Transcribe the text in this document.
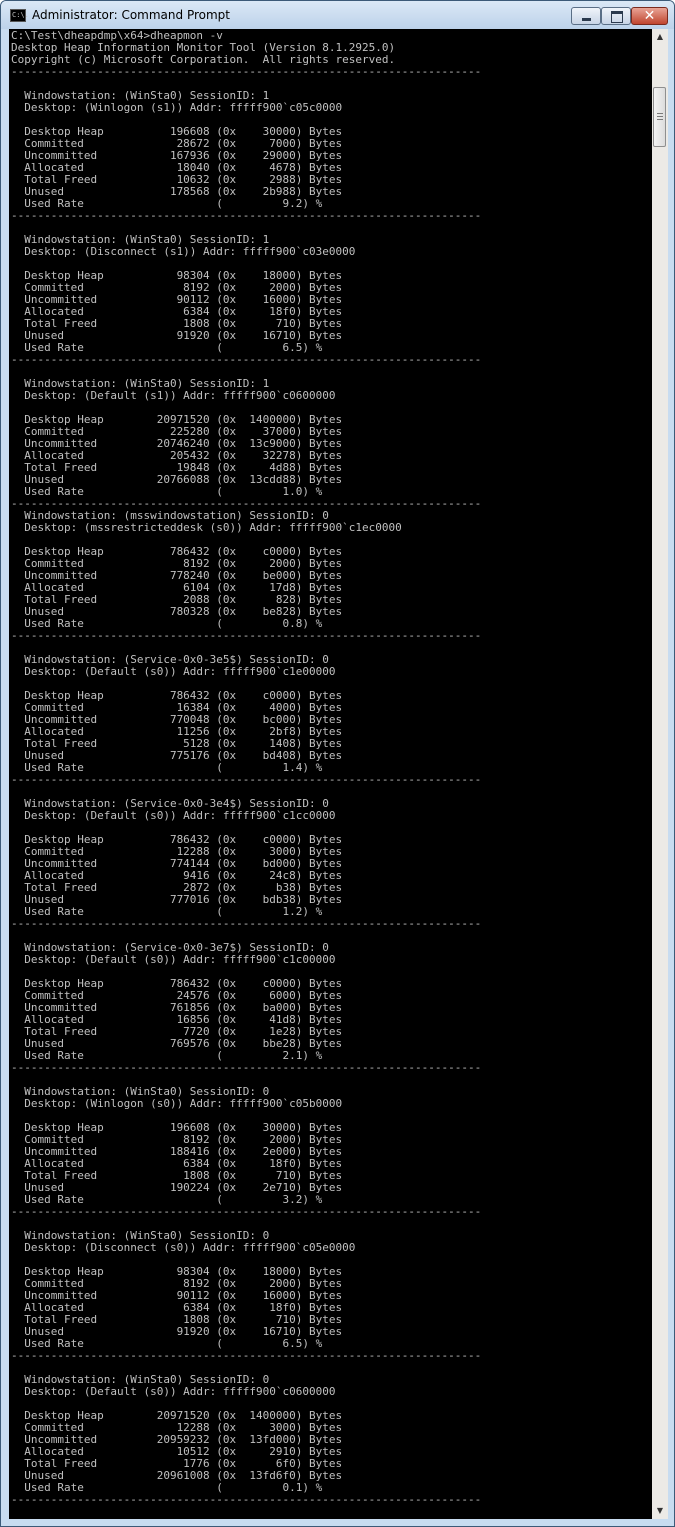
C:\. Administrator: Command Prompt	✕
C:\Test\dheapdmp\x64>dheapmon -v
Desktop Heap Information Monitor Tool (Version 8.1.2925.0)
Copyright (c) Microsoft Corporation.  All rights reserved.
-----------------------------------------------------------------------

Windowstation: (WinSta0) SessionID: 1
Desktop: (Winlogon (s1)) Addr: fffff900`c05c0000

Desktop Heap          196608 (0x    30000) Bytes
Committed              28672 (0x     7000) Bytes
Uncommitted           167936 (0x    29000) Bytes
Allocated              18040 (0x     4678) Bytes
Total Freed            10632 (0x     2988) Bytes
Unused                178568 (0x    2b988) Bytes
Used Rate                    (         9.2) %
-----------------------------------------------------------------------

Windowstation: (WinSta0) SessionID: 1
Desktop: (Disconnect (s1)) Addr: fffff900`c03e0000

Desktop Heap           98304 (0x    18000) Bytes
Committed               8192 (0x     2000) Bytes
Uncommitted            90112 (0x    16000) Bytes
Allocated               6384 (0x     18f0) Bytes
Total Freed             1808 (0x      710) Bytes
Unused                 91920 (0x    16710) Bytes
Used Rate                    (         6.5) %
-----------------------------------------------------------------------

Windowstation: (WinSta0) SessionID: 1
Desktop: (Default (s1)) Addr: fffff900`c0600000

Desktop Heap        20971520 (0x  1400000) Bytes
Committed             225280 (0x    37000) Bytes
Uncommitted         20746240 (0x  13c9000) Bytes
Allocated             205432 (0x    32278) Bytes
Total Freed            19848 (0x     4d88) Bytes
Unused              20766088 (0x  13cdd88) Bytes
Used Rate                    (         1.0) %
-----------------------------------------------------------------------
Windowstation: (msswindowstation) SessionID: 0
Desktop: (mssrestricteddesk (s0)) Addr: fffff900`c1ec0000

Desktop Heap          786432 (0x    c0000) Bytes
Committed               8192 (0x     2000) Bytes
Uncommitted           778240 (0x    be000) Bytes
Allocated               6104 (0x     17d8) Bytes
Total Freed             2088 (0x      828) Bytes
Unused                780328 (0x    be828) Bytes
Used Rate                    (         0.8) %
-----------------------------------------------------------------------

Windowstation: (Service-0x0-3e5$) SessionID: 0
Desktop: (Default (s0)) Addr: fffff900`c1e00000

Desktop Heap          786432 (0x    c0000) Bytes
Committed              16384 (0x     4000) Bytes
Uncommitted           770048 (0x    bc000) Bytes
Allocated              11256 (0x     2bf8) Bytes
Total Freed             5128 (0x     1408) Bytes
Unused                775176 (0x    bd408) Bytes
Used Rate                    (         1.4) %
-----------------------------------------------------------------------

Windowstation: (Service-0x0-3e4$) SessionID: 0
Desktop: (Default (s0)) Addr: fffff900`c1cc0000

Desktop Heap          786432 (0x    c0000) Bytes
Committed              12288 (0x     3000) Bytes
Uncommitted           774144 (0x    bd000) Bytes
Allocated               9416 (0x     24c8) Bytes
Total Freed             2872 (0x      b38) Bytes
Unused                777016 (0x    bdb38) Bytes
Used Rate                    (         1.2) %
-----------------------------------------------------------------------

Windowstation: (Service-0x0-3e7$) SessionID: 0
Desktop: (Default (s0)) Addr: fffff900`c1c00000

Desktop Heap          786432 (0x    c0000) Bytes
Committed              24576 (0x     6000) Bytes
Uncommitted           761856 (0x    ba000) Bytes
Allocated              16856 (0x     41d8) Bytes
Total Freed             7720 (0x     1e28) Bytes
Unused                769576 (0x    bbe28) Bytes
Used Rate                    (         2.1) %
-----------------------------------------------------------------------

Windowstation: (WinSta0) SessionID: 0
Desktop: (Winlogon (s0)) Addr: fffff900`c05b0000

Desktop Heap          196608 (0x    30000) Bytes
Committed               8192 (0x     2000) Bytes
Uncommitted           188416 (0x    2e000) Bytes
Allocated               6384 (0x     18f0) Bytes
Total Freed             1808 (0x      710) Bytes
Unused                190224 (0x    2e710) Bytes
Used Rate                    (         3.2) %
-----------------------------------------------------------------------

Windowstation: (WinSta0) SessionID: 0
Desktop: (Disconnect (s0)) Addr: fffff900`c05e0000

Desktop Heap           98304 (0x    18000) Bytes
Committed               8192 (0x     2000) Bytes
Uncommitted            90112 (0x    16000) Bytes
Allocated               6384 (0x     18f0) Bytes
Total Freed             1808 (0x      710) Bytes
Unused                 91920 (0x    16710) Bytes
Used Rate                    (         6.5) %
-----------------------------------------------------------------------

Windowstation: (WinSta0) SessionID: 0
Desktop: (Default (s0)) Addr: fffff900`c0600000

Desktop Heap        20971520 (0x  1400000) Bytes
Committed              12288 (0x     3000) Bytes
Uncommitted         20959232 (0x  13fd000) Bytes
Allocated              10512 (0x     2910) Bytes
Total Freed             1776 (0x      6f0) Bytes
Unused              20961008 (0x  13fd6f0) Bytes
Used Rate                    (         0.1) %
-----------------------------------------------------------------------
▲
▼
